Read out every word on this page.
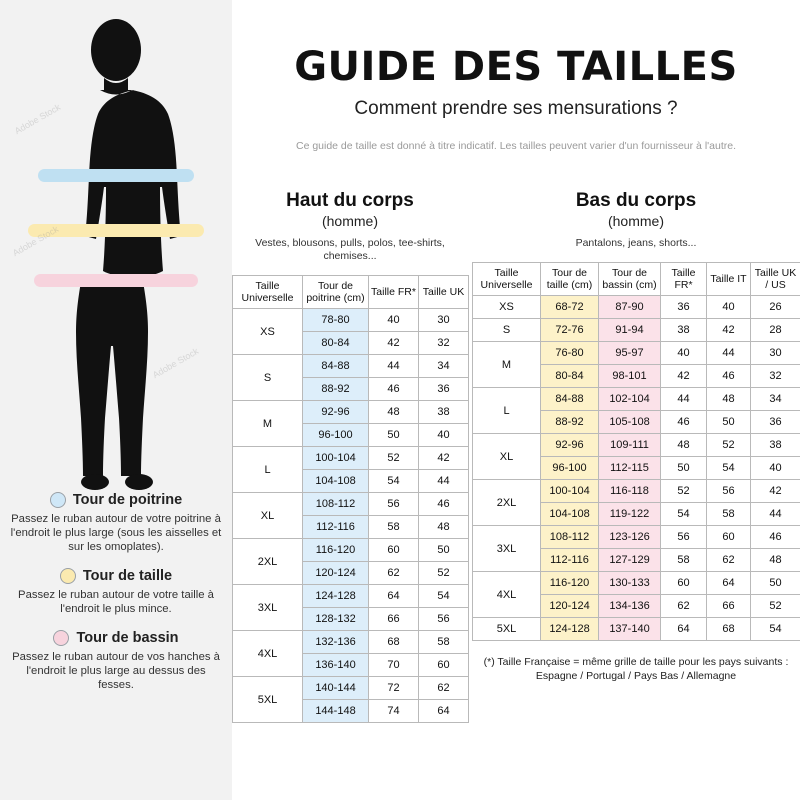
Adobe Stock
Adobe Stock
Adobe Stock
Tour de poitrine
Passez le ruban autour de votre poitrine à l'endroit le plus large (sous les aisselles et sur les omoplates).
Tour de taille
Passez le ruban autour de votre taille à l'endroit le plus mince.
Tour de bassin
Passez le ruban autour de vos hanches à l'endroit le plus large au dessus des fesses.
GUIDE DES TAILLES
Comment prendre ses mensurations ?
Ce guide de taille est donné à titre indicatif. Les tailles peuvent varier d'un fournisseur à l'autre.
Haut du corps
(homme)
Vestes, blousons, pulls, polos, tee-shirts, chemises...
Taille Universelle	Tour de poitrine (cm)	Taille FR*	Taille UK
XS	78-80	40	30
	80-84	42	32
S	84-88	44	34
	88-92	46	36
M	92-96	48	38
	96-100	50	40
L	100-104	52	42
	104-108	54	44
XL	108-112	56	46
	112-116	58	48
2XL	116-120	60	50
	120-124	62	52
3XL	124-128	64	54
	128-132	66	56
4XL	132-136	68	58
	136-140	70	60
5XL	140-144	72	62
	144-148	74	64
Bas du corps
(homme)
Pantalons, jeans, shorts...
Taille Universelle	Tour de taille (cm)	Tour de bassin (cm)	Taille FR*	Taille IT	Taille UK / US
XS	68-72	87-90	36	40	26
S	72-76	91-94	38	42	28
M	76-80	95-97	40	44	30
	80-84	98-101	42	46	32
L	84-88	102-104	44	48	34
	88-92	105-108	46	50	36
XL	92-96	109-111	48	52	38
	96-100	112-115	50	54	40
2XL	100-104	116-118	52	56	42
	104-108	119-122	54	58	44
3XL	108-112	123-126	56	60	46
	112-116	127-129	58	62	48
4XL	116-120	130-133	60	64	50
	120-124	134-136	62	66	52
5XL	124-128	137-140	64	68	54
(*) Taille Française = même grille de taille pour les pays suivants : Espagne / Portugal / Pays Bas / Allemagne
